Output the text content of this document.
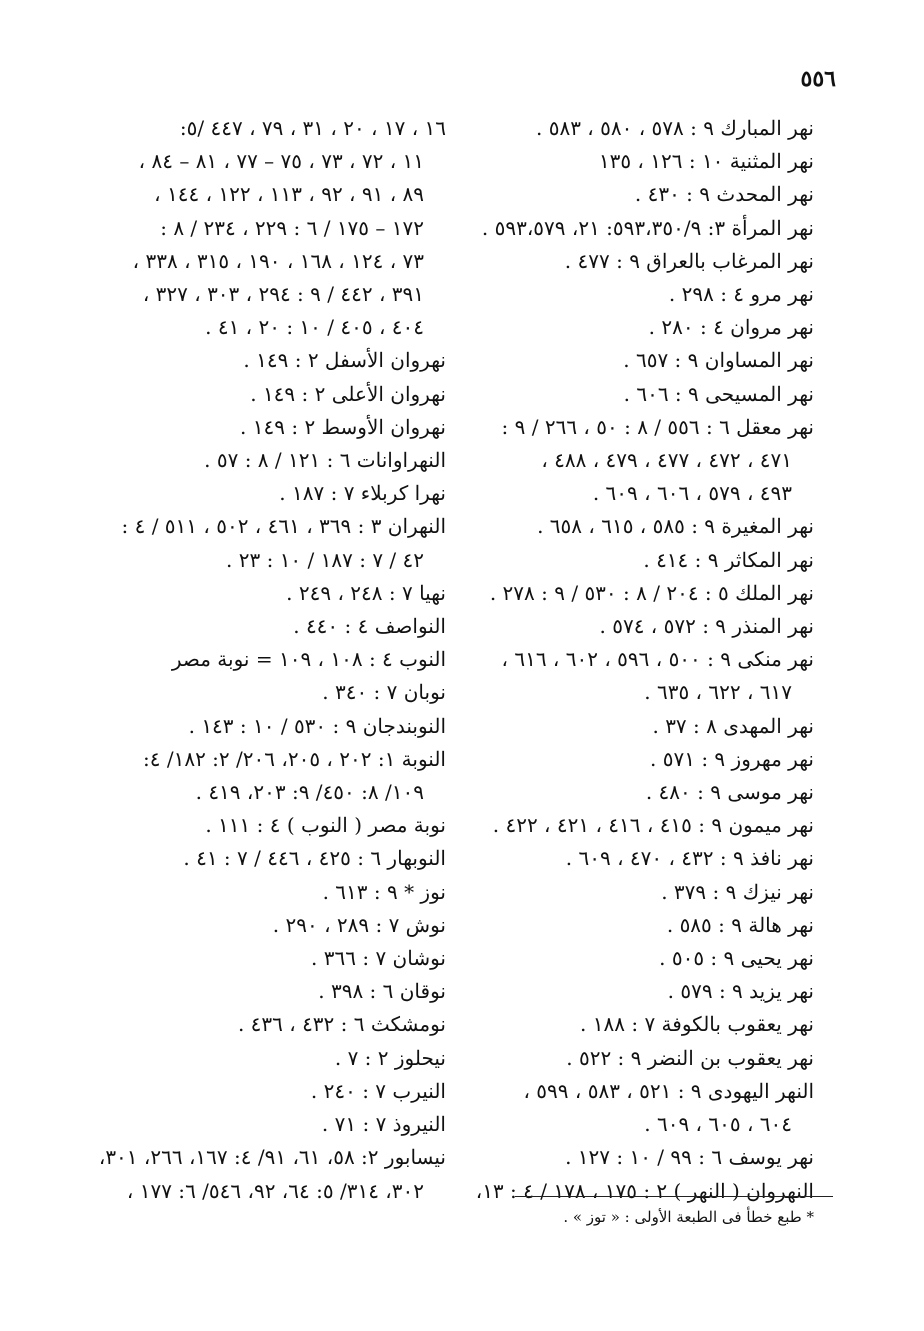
٥٥٦
نهر المبارك ٩ : ٥٧٨ ، ٥٨٠ ، ٥٨٣ .
نهر المثنية ١٠ : ١٢٦ ، ١٣٥
نهر المحدث ٩ : ٤٣٠ .
نهر المرأة ٣: ٥٩٣،٣٥٠/٩: ٢١، ٥٩٣،٥٧٩ .
نهر المرغاب بالعراق ٩ : ٤٧٧ .
نهر مرو ٤ : ٢٩٨ .
نهر مروان ٤ : ٢٨٠ .
نهر المساوان ٩ : ٦٥٧ .
نهر المسيحى ٩ : ٦٠٦ .
نهر معقل ٦ : ٥٥٦ / ٨ : ٥٠ ، ٢٦٦ / ٩ :
٤٧١ ، ٤٧٢ ، ٤٧٧ ، ٤٧٩ ، ٤٨٨ ،
٤٩٣ ، ٥٧٩ ، ٦٠٦ ، ٦٠٩ .
نهر المغيرة ٩ : ٥٨٥ ، ٦١٥ ، ٦٥٨ .
نهر المكاثر ٩ : ٤١٤ .
نهر الملك ٥ : ٢٠٤ / ٨ : ٥٣٠ / ٩ : ٢٧٨ .
نهر المنذر ٩ : ٥٧٢ ، ٥٧٤ .
نهر منكى ٩ : ٥٠٠ ، ٥٩٦ ، ٦٠٢ ، ٦١٦ ،
٦١٧ ، ٦٢٢ ، ٦٣٥ .
نهر المهدى ٨ : ٣٧ .
نهر مهروز ٩ : ٥٧١ .
نهر موسى ٩ : ٤٨٠ .
نهر ميمون ٩ : ٤١٥ ، ٤١٦ ، ٤٢١ ، ٤٢٢ .
نهر نافذ ٩ : ٤٣٢ ، ٤٧٠ ، ٦٠٩ .
نهر نيزك ٩ : ٣٧٩ .
نهر هالة ٩ : ٥٨٥ .
نهر يحيى ٩ : ٥٠٥ .
نهر يزيد ٩ : ٥٧٩ .
نهر يعقوب بالكوفة ٧ : ١٨٨ .
نهر يعقوب بن النضر ٩ : ٥٢٢ .
النهر اليهودى ٩ : ٥٢١ ، ٥٨٣ ، ٥٩٩ ،
٦٠٤ ، ٦٠٥ ، ٦٠٩ .
نهر يوسف ٦ : ٩٩ / ١٠ : ١٢٧ .
النهروان ( النهر ) ٢ : ١٧٥ ، ١٧٨ / ٤ : ١٣،
١٦ ، ١٧ ، ٢٠ ، ٣١ ، ٧٩ ، ٤٤٧ /٥:
١١ ، ٧٢ ، ٧٣ ، ٧٥ – ٧٧ ، ٨١ – ٨٤ ،
٨٩ ، ٩١ ، ٩٢ ، ١١٣ ، ١٢٢ ، ١٤٤ ،
١٧٢ – ١٧٥ / ٦ : ٢٢٩ ، ٢٣٤ / ٨ :
٧٣ ، ١٢٤ ، ١٦٨ ، ١٩٠ ، ٣١٥ ، ٣٣٨ ،
٣٩١ ، ٤٤٢ / ٩ : ٢٩٤ ، ٣٠٣ ، ٣٢٧ ،
٤٠٤ ، ٤٠٥ / ١٠ : ٢٠ ، ٤١ .
نهروان الأسفل ٢ : ١٤٩ .
نهروان الأعلى ٢ : ١٤٩ .
نهروان الأوسط ٢ : ١٤٩ .
النهراوانات ٦ : ١٢١ / ٨ : ٥٧ .
نهرا كربلاء ٧ : ١٨٧ .
النهران ٣ : ٣٦٩ ، ٤٦١ ، ٥٠٢ ، ٥١١ / ٤ :
٤٢ / ٧ : ١٨٧ / ١٠ : ٢٣ .
نهيا ٧ : ٢٤٨ ، ٢٤٩ .
النواصف ٤ : ٤٤٠ .
النوب ٤ : ١٠٨ ، ١٠٩ = نوبة مصر
نوبان ٧ : ٣٤٠ .
النوبندجان ٩ : ٥٣٠ / ١٠ : ١٤٣ .
النوبة ١: ٢٠٢ ، ٢٠٥، ٢٠٦/ ٢: ١٨٢/ ٤:
١٠٩/ ٨: ٤٥٠/ ٩: ٢٠٣، ٤١٩ .
نوبة مصر ( النوب ) ٤ : ١١١ .
النوبهار ٦ : ٤٢٥ ، ٤٤٦ / ٧ : ٤١ .
نوز * ٩ : ٦١٣ .
نوش ٧ : ٢٨٩ ، ٢٩٠ .
نوشان ٧ : ٣٦٦ .
نوقان ٦ : ٣٩٨ .
نومشكث ٦ : ٤٣٢ ، ٤٣٦ .
نيحلوز ٢ : ٧ .
النيرب ٧ : ٢٤٠ .
النيروذ ٧ : ٧١ .
نيسابور ٢: ٥٨، ٦١، ٩١/ ٤: ١٦٧، ٢٦٦، ٣٠١،
٣٠٢، ٣١٤/ ٥: ٦٤، ٩٢، ٥٤٦/ ٦: ١٧٧ ،
* طبع خطأ فى الطبعة الأولى : « توز » .
